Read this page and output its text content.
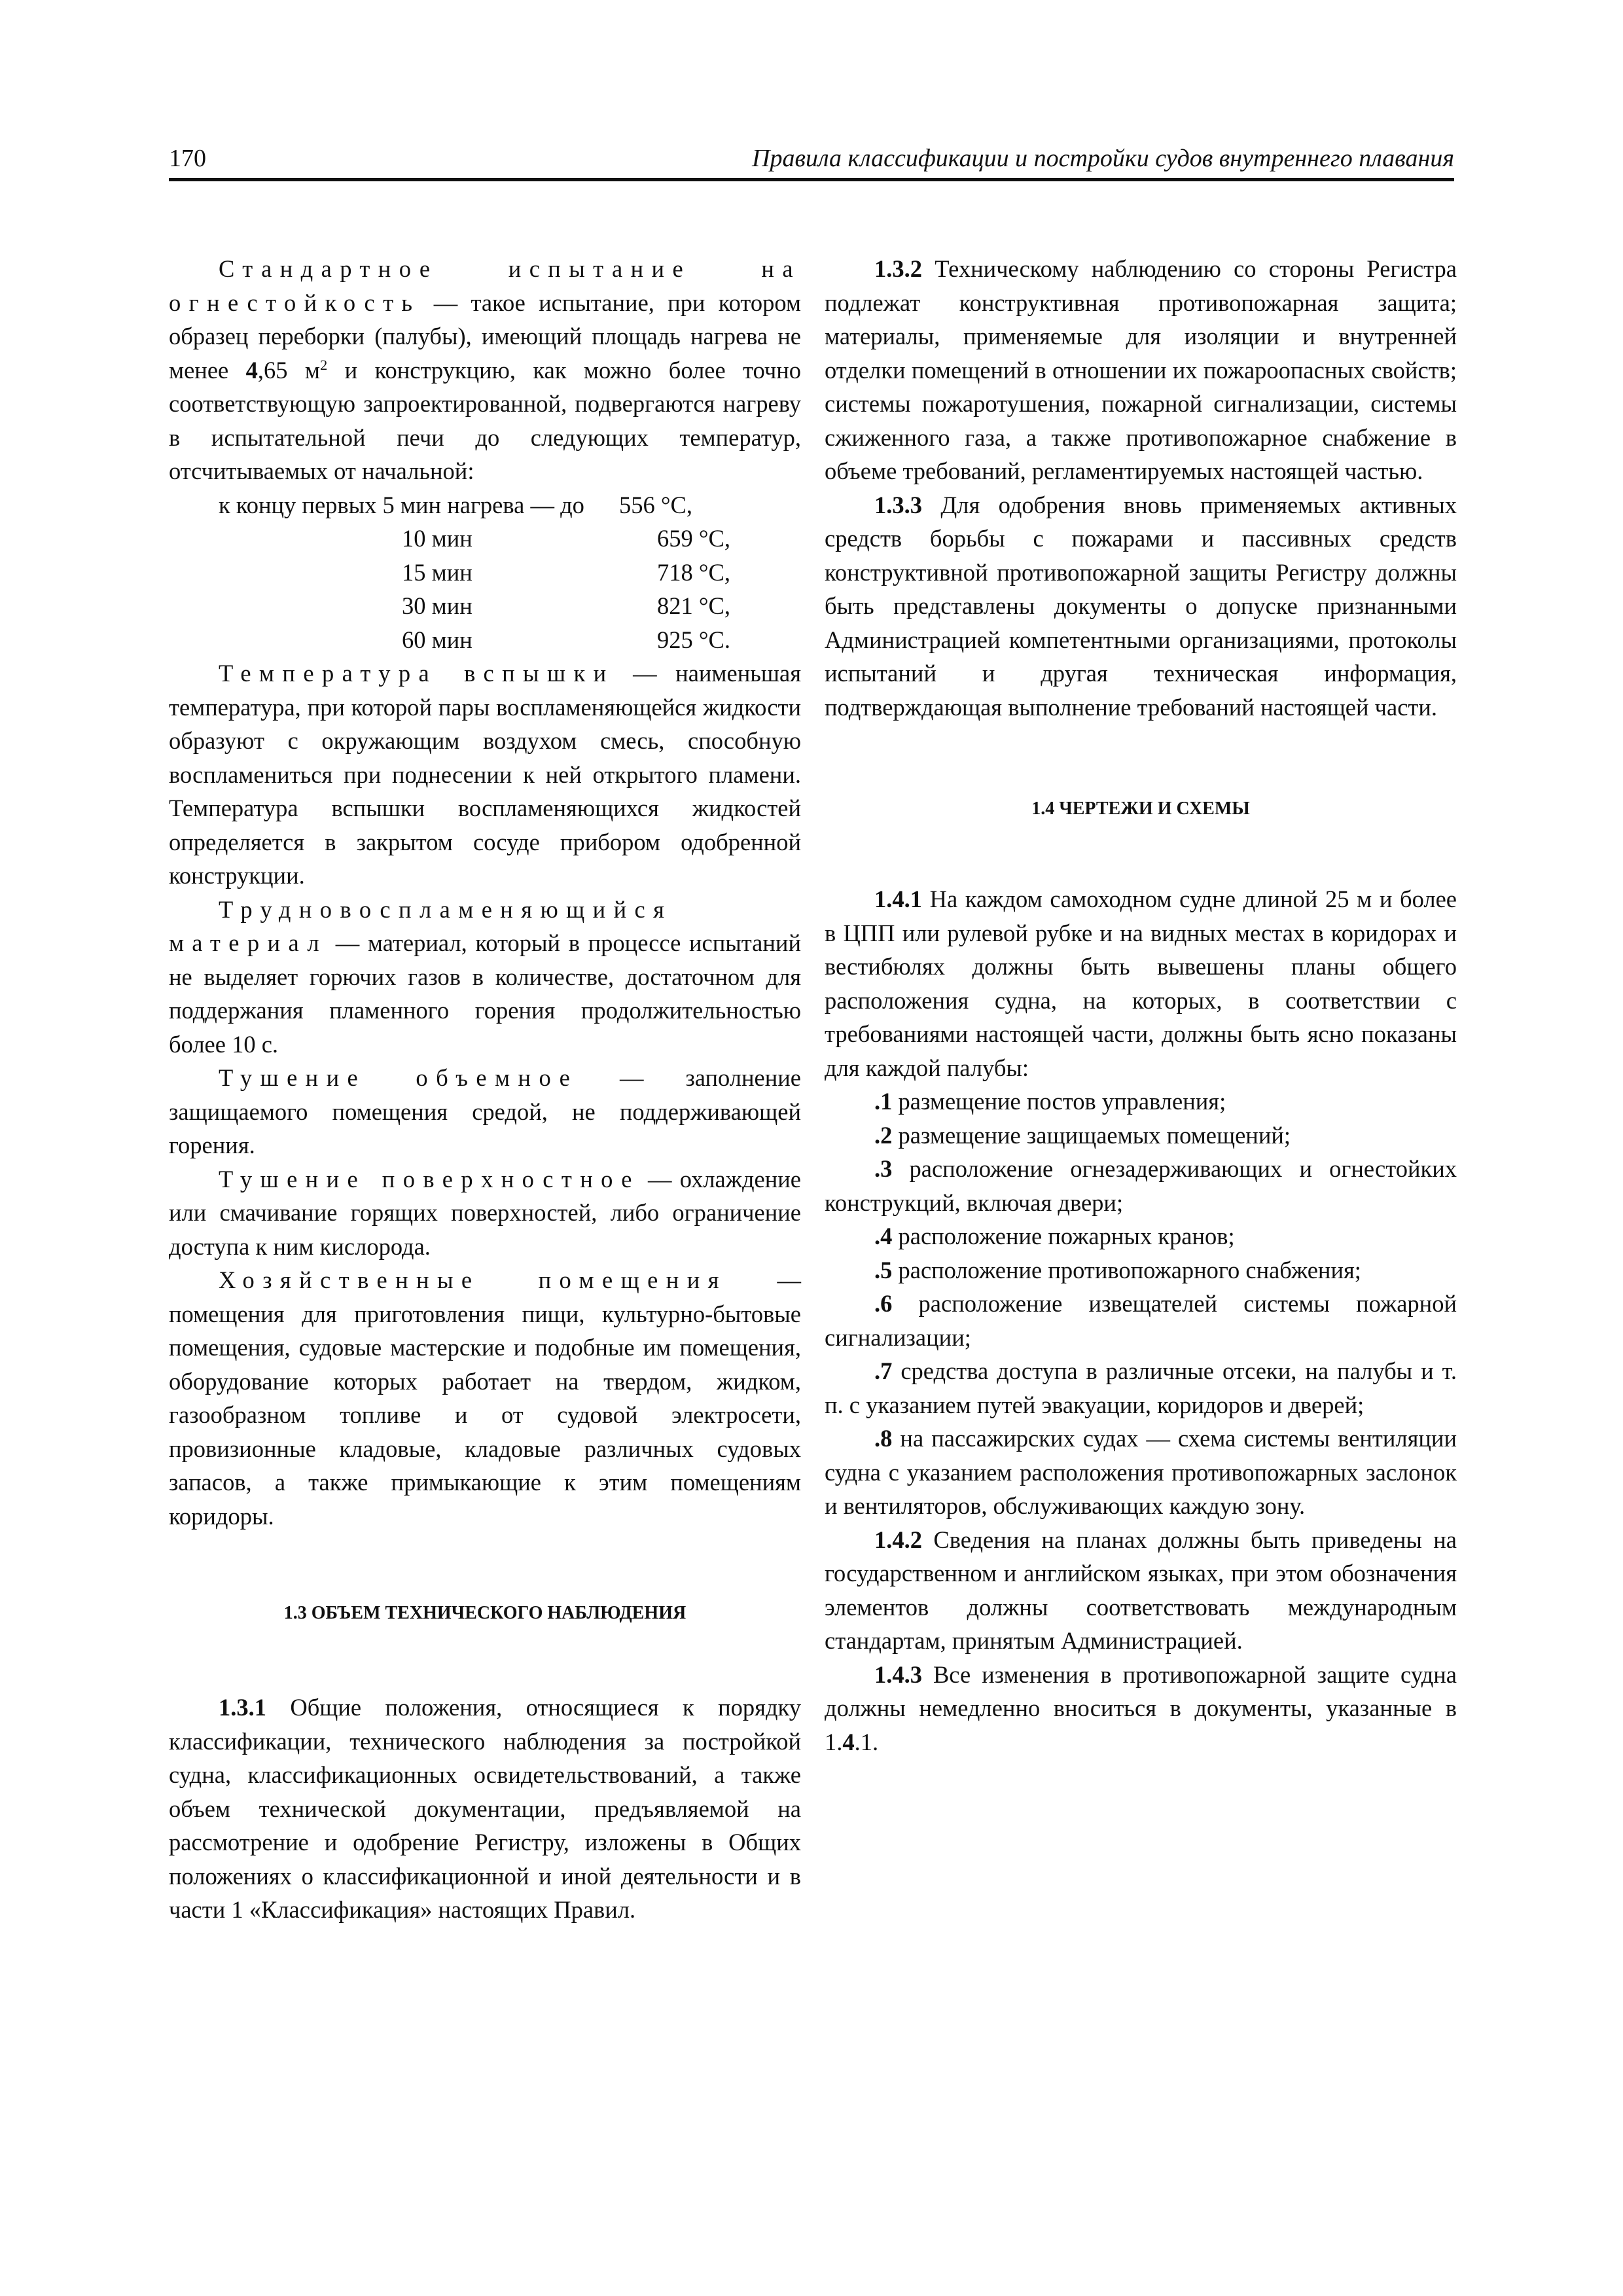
170	Правила классификации и постройки судов внутреннего плавания

Стандартное испытание на огнестойкость — такое испытание, при котором образец переборки (палубы), имеющий площадь нагрева не менее 4,65 $м^2$ и конструкцию, как можно более точно соответствующую запроектированной, подвергаются нагреву в испытательной печи до следующих температур, отсчитываемых от начальной:

к концу первых 5 мин нагрева — до 556 °C,
10 мин	659 °C,
15 мин	718 °C,
30 мин	821 °C,
60 мин	925 °C.

Температура вспышки — наименьшая температура, при которой пары воспламеняющейся жидкости образуют с окружающим воздухом смесь, способную воспламениться при поднесении к ней открытого пламени. Температура вспышки воспламеняющихся жидкостей определяется в закрытом сосуде прибором одобренной конструкции.

Трудновоспламеняющийся материал — материал, который в процессе испытаний не выделяет горючих газов в количестве, достаточном для поддержания пламенного горения продолжительностью более 10 с.

Тушение объемное — заполнение защищаемого помещения средой, не поддерживающей горения.

Тушение поверхностное — охлаждение или смачивание горящих поверхностей, либо ограничение доступа к ним кислорода.

Хозяйственные помещения — помещения для приготовления пищи, культурно-бытовые помещения, судовые мастерские и подобные им помещения, оборудование которых работает на твердом, жидком, газообразном топливе и от судовой электросети, провизионные кладовые, кладовые различных судовых запасов, а также примыкающие к этим помещениям коридоры.

1.3 ОБЪЕМ ТЕХНИЧЕСКОГО НАБЛЮДЕНИЯ

1.3.1 Общие положения, относящиеся к порядку классификации, технического наблюдения за постройкой судна, классификационных освидетельствований, а также объем технической документации, предъявляемой на рассмотрение и одобрение Регистру, изложены в Общих положениях о классификационной и иной деятельности и в части 1 «Классификация» настоящих Правил.

1.3.2 Техническому наблюдению со стороны Регистра подлежат конструктивная противопожарная защита; материалы, применяемые для изоляции и внутренней отделки помещений в отношении их пожароопасных свойств; системы пожаротушения, пожарной сигнализации, системы сжиженного газа, а также противопожарное снабжение в объеме требований, регламентируемых настоящей частью.

1.3.3 Для одобрения вновь применяемых активных средств борьбы с пожарами и пассивных средств конструктивной противопожарной защиты Регистру должны быть представлены документы о допуске признанными Администрацией компетентными организациями, протоколы испытаний и другая техническая информация, подтверждающая выполнение требований настоящей части.

1.4 ЧЕРТЕЖИ И СХЕМЫ

1.4.1 На каждом самоходном судне длиной 25 м и более в ЦПП или рулевой рубке и на видных местах в коридорах и вестибюлях должны быть вывешены планы общего расположения судна, на которых, в соответствии с требованиями настоящей части, должны быть ясно показаны для каждой палубы:

.1 размещение постов управления;

.2 размещение защищаемых помещений;

.3 расположение огнезадерживающих и огнестойких конструкций, включая двери;

.4 расположение пожарных кранов;

.5 расположение противопожарного снабжения;

.6 расположение извещателей системы пожарной сигнализации;

.7 средства доступа в различные отсеки, на палубы и т. п. с указанием путей эвакуации, коридоров и дверей;

.8 на пассажирских судах — схема системы вентиляции судна с указанием расположения противопожарных заслонок и вентиляторов, обслуживающих каждую зону.

1.4.2 Сведения на планах должны быть приведены на государственном и английском языках, при этом обозначения элементов должны соответствовать международным стандартам, принятым Администрацией.

1.4.3 Все изменения в противопожарной защите судна должны немедленно вноситься в документы, указанные в 1.4.1.
